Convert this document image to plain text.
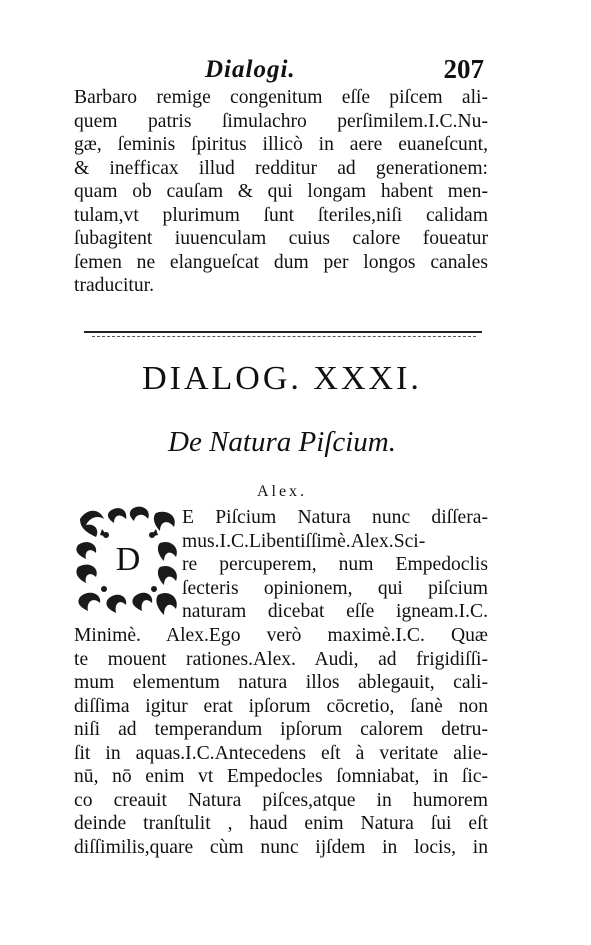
Dialogi.	207
Barbaro remige congenitum eſſe piſcem ali-
quem patris ſimulachro perſimilem.I.C.Nu-
gæ, ſeminis ſpiritus illicò in aere euaneſcunt,
& inefficax illud redditur ad generationem:
quam ob cauſam & qui longam habent men-
tulam,vt plurimum ſunt ſteriles,niſi calidam
ſubagitent iuuenculam cuius calore foueatur
ſemen ne elangueſcat dum per longos canales
traducitur.
DIALOG. XXXI.
De Natura Piſcium.
Alex.
D
E Piſcium Natura nunc diſſera-
mus.I.C.Libentiſſimè.Alex.Sci-
re percuperem, num Empedoclis
ſecteris opinionem, qui piſcium
naturam dicebat eſſe igneam.I.C.
Minimè. Alex.Ego verò maximè.I.C. Quæ
te mouent rationes.Alex. Audi, ad frigidiſſi-
mum elementum natura illos ablegauit, cali-
diſſima igitur erat ipſorum cōcretio, ſanè non
niſi ad temperandum ipſorum calorem detru-
ſit in aquas.I.C.Antecedens eſt à veritate alie-
nū, nō enim vt Empedocles ſomniabat, in ſic-
co creauit Natura piſces,atque in humorem
deinde tranſtulit , haud enim Natura ſui eſt
diſſimilis,quare cùm nunc ijſdem in locis, in
